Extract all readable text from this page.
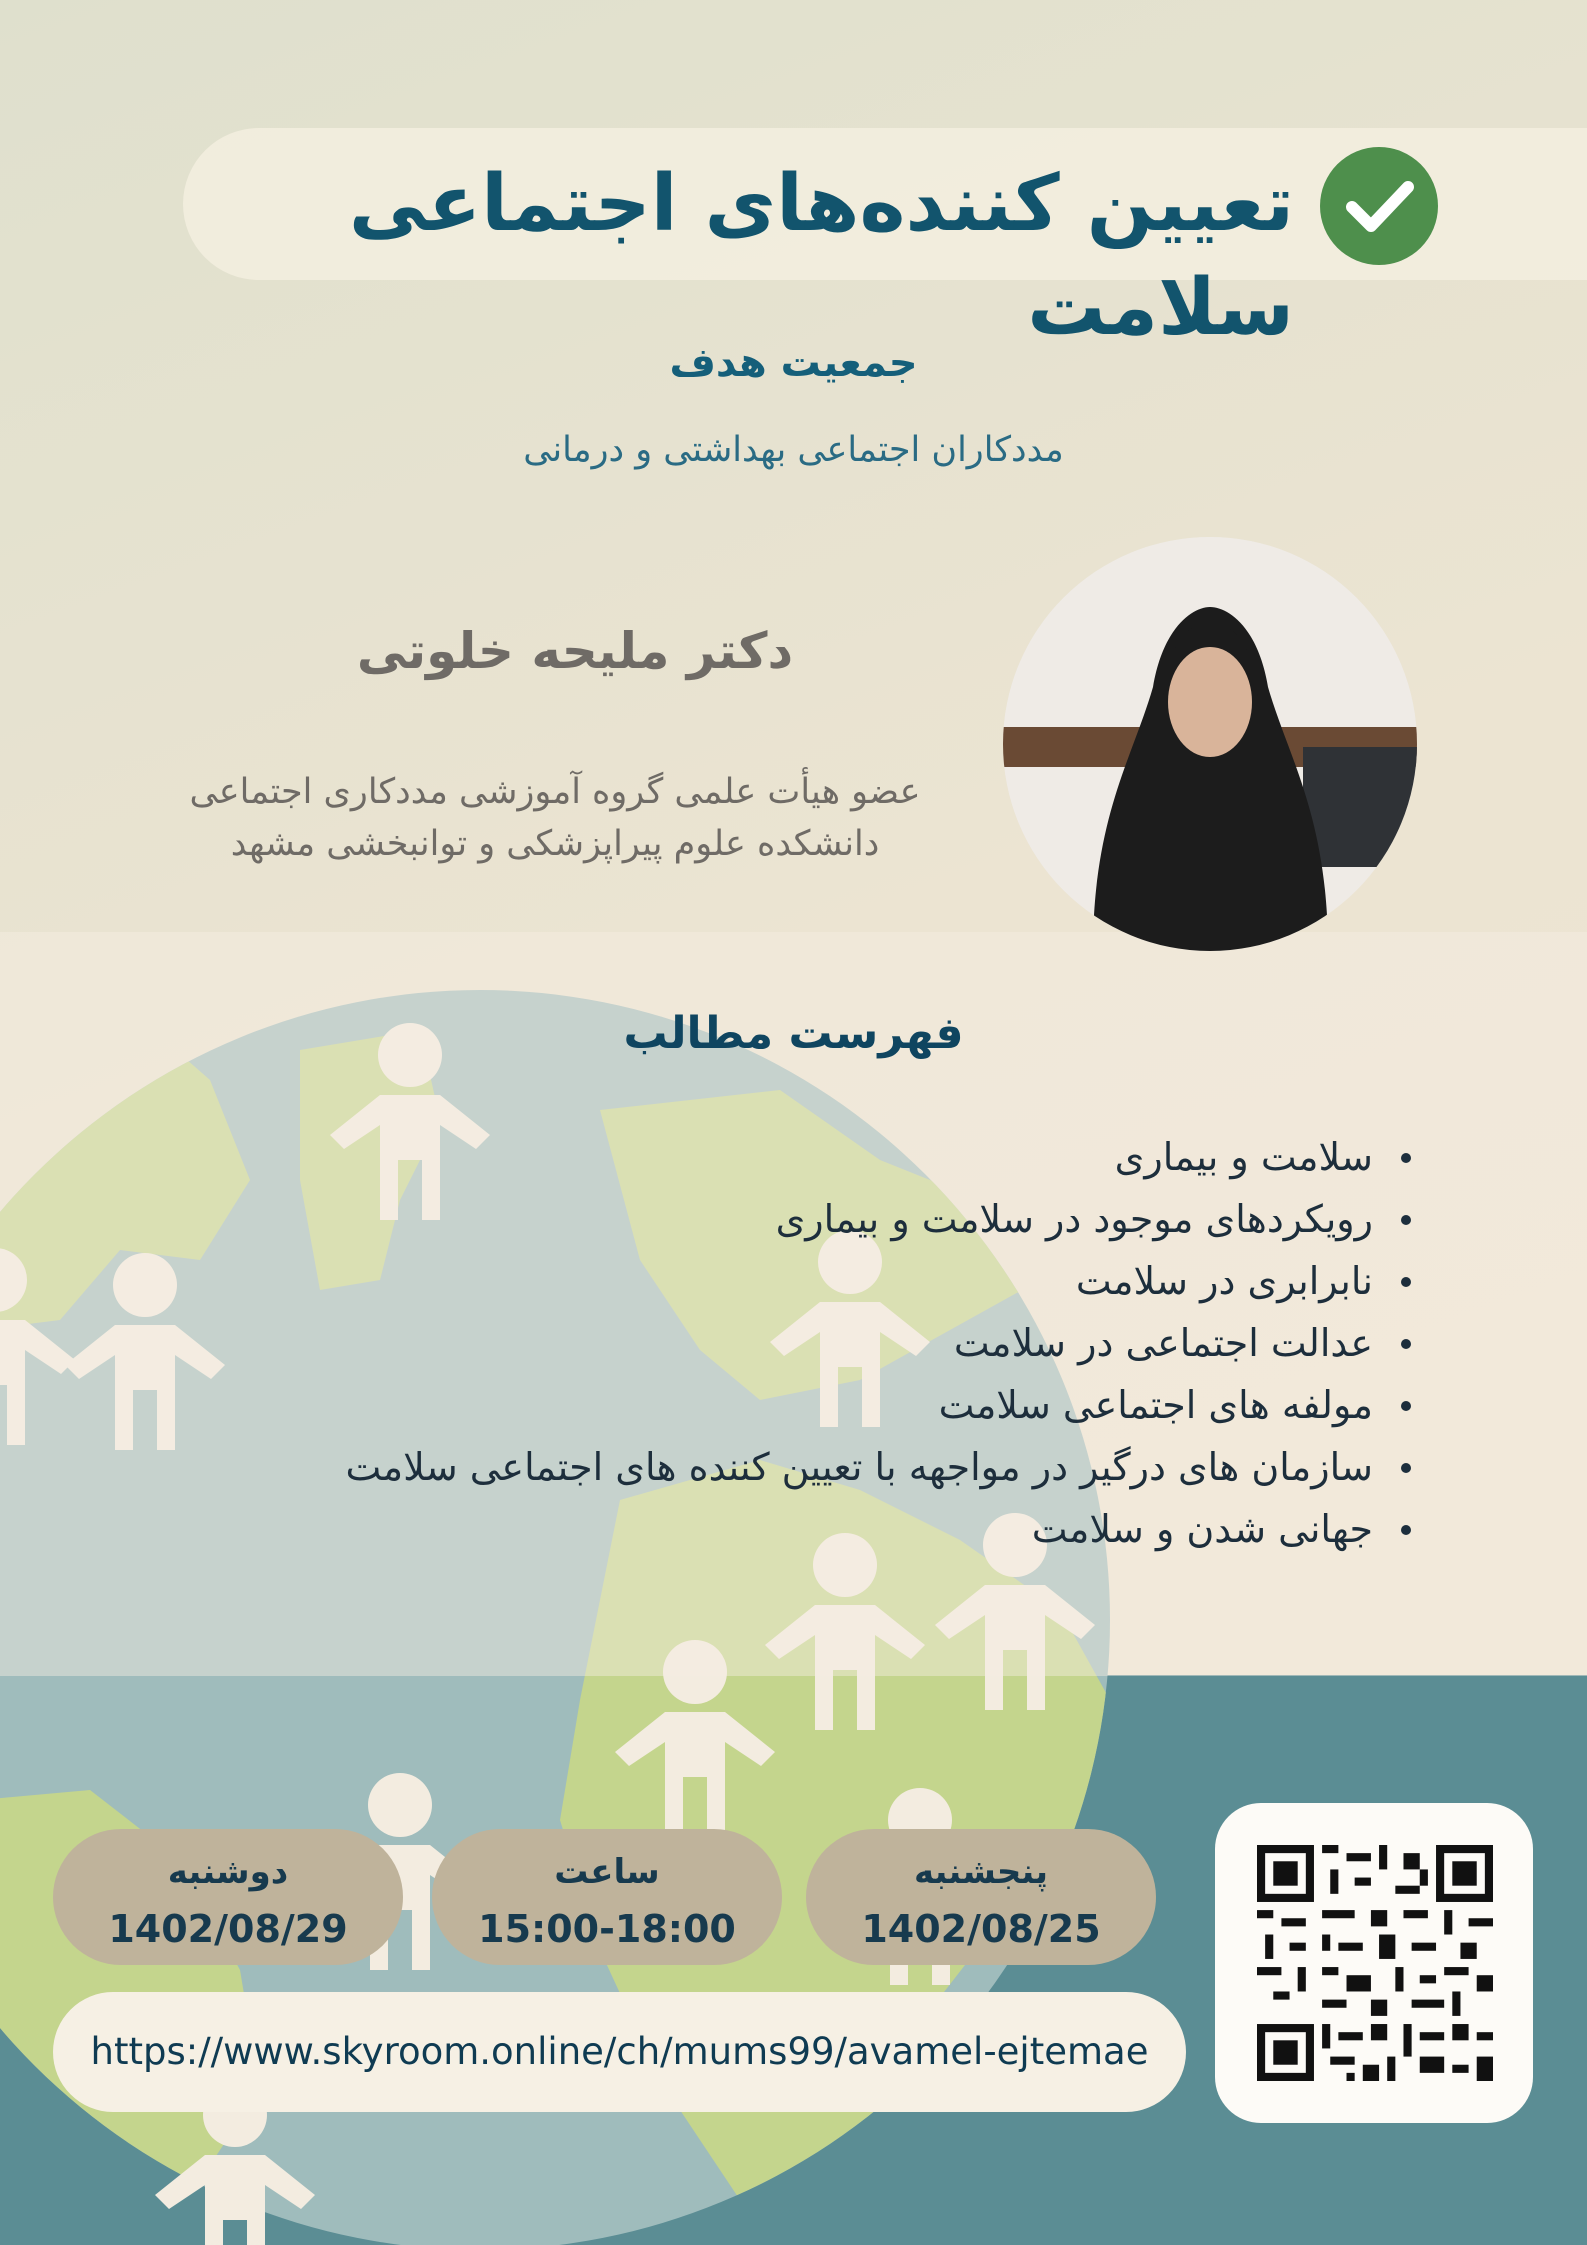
تعیین کننده‌های اجتماعی سلامت
جمعیت هدف
مددکاران اجتماعی بهداشتی و درمانی
دکتر ملیحه خلوتی
عضو هیأت علمی گروه آموزشی مددکاری اجتماعی
دانشکده علوم پیراپزشکی و توانبخشی مشهد
فهرست مطالب
سلامت و بیماری
رویکردهای موجود در سلامت و بیماری
نابرابری در سلامت
عدالت اجتماعی در سلامت
مولفه های اجتماعی سلامت
سازمان های درگیر در مواجهه با تعیین کننده های اجتماعی سلامت
جهانی شدن و سلامت
پنجشنبه
1402/08/25
ساعت
15:00-18:00
دوشنبه
1402/08/29
https://www.skyroom.online/ch/mums99/avamel-ejtemae
